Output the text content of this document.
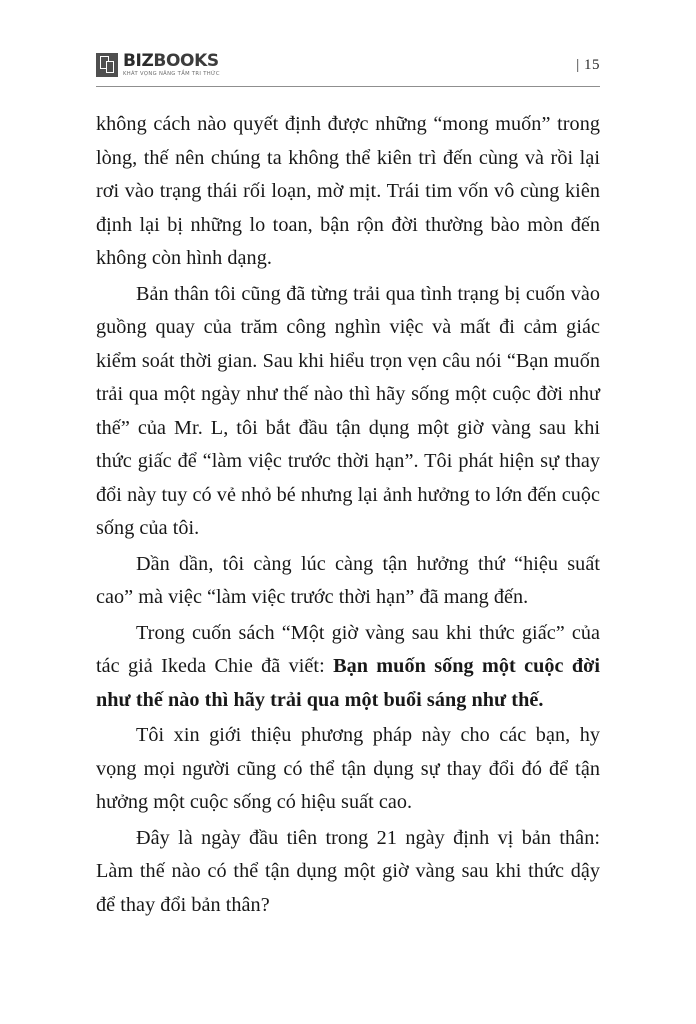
BIZBOOKS
KHÁT VỌNG NÂNG TẦM TRI THỨC
| 15

không cách nào quyết định được những “mong muốn” trong lòng, thế nên chúng ta không thể kiên trì đến cùng và rồi lại rơi vào trạng thái rối loạn, mờ mịt. Trái tim vốn vô cùng kiên định lại bị những lo toan, bận rộn đời thường bào mòn đến không còn hình dạng.

Bản thân tôi cũng đã từng trải qua tình trạng bị cuốn vào guồng quay của trăm công nghìn việc và mất đi cảm giác kiểm soát thời gian. Sau khi hiểu trọn vẹn câu nói “Bạn muốn trải qua một ngày như thế nào thì hãy sống một cuộc đời như thế” của Mr. L, tôi bắt đầu tận dụng một giờ vàng sau khi thức giấc để “làm việc trước thời hạn”. Tôi phát hiện sự thay đổi này tuy có vẻ nhỏ bé nhưng lại ảnh hưởng to lớn đến cuộc sống của tôi.

Dần dần, tôi càng lúc càng tận hưởng thứ “hiệu suất cao” mà việc “làm việc trước thời hạn” đã mang đến.

Trong cuốn sách “Một giờ vàng sau khi thức giấc” của tác giả Ikeda Chie đã viết: Bạn muốn sống một cuộc đời như thế nào thì hãy trải qua một buổi sáng như thế.

Tôi xin giới thiệu phương pháp này cho các bạn, hy vọng mọi người cũng có thể tận dụng sự thay đổi đó để tận hưởng một cuộc sống có hiệu suất cao.

Đây là ngày đầu tiên trong 21 ngày định vị bản thân: Làm thế nào có thể tận dụng một giờ vàng sau khi thức dậy để thay đổi bản thân?
